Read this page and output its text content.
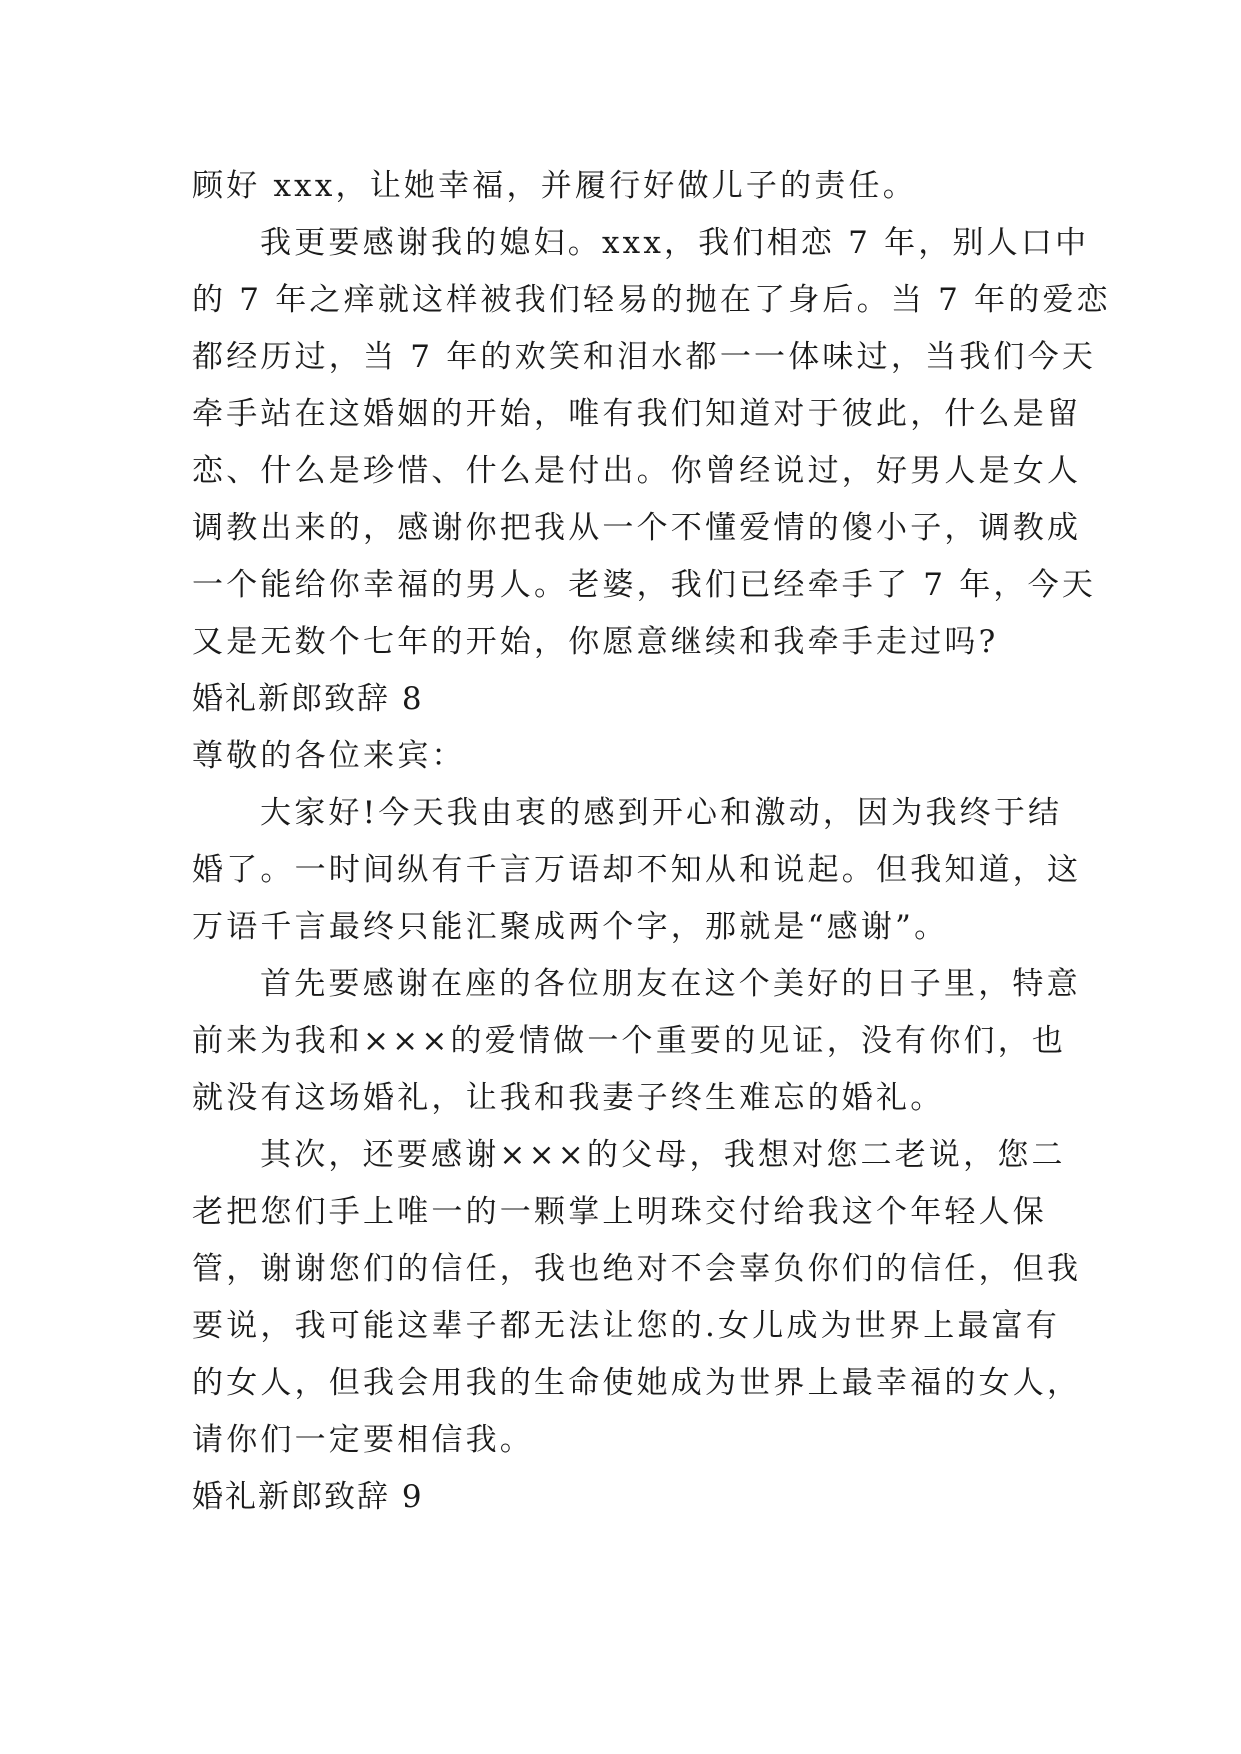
顾好 xxx，让她幸福，并履行好做儿子的责任。
我更要感谢我的媳妇。xxx，我们相恋 7 年，别人口中
的 7 年之痒就这样被我们轻易的抛在了身后。当 7 年的爱恋
都经历过，当 7 年的欢笑和泪水都一一体味过，当我们今天
牵手站在这婚姻的开始，唯有我们知道对于彼此，什么是留
恋、什么是珍惜、什么是付出。你曾经说过，好男人是女人
调教出来的，感谢你把我从一个不懂爱情的傻小子，调教成
一个能给你幸福的男人。老婆，我们已经牵手了 7 年，今天
又是无数个七年的开始，你愿意继续和我牵手走过吗?
婚礼新郎致辞 8
尊敬的各位来宾：
大家好!今天我由衷的感到开心和激动，因为我终于结
婚了。一时间纵有千言万语却不知从和说起。但我知道，这
万语千言最终只能汇聚成两个字，那就是“感谢”。
首先要感谢在座的各位朋友在这个美好的日子里，特意
前来为我和×××的爱情做一个重要的见证，没有你们，也
就没有这场婚礼，让我和我妻子终生难忘的婚礼。
其次，还要感谢×××的父母，我想对您二老说，您二
老把您们手上唯一的一颗掌上明珠交付给我这个年轻人保
管，谢谢您们的信任，我也绝对不会辜负你们的信任，但我
要说，我可能这辈子都无法让您的.女儿成为世界上最富有
的女人，但我会用我的生命使她成为世界上最幸福的女人，
请你们一定要相信我。
婚礼新郎致辞 9
